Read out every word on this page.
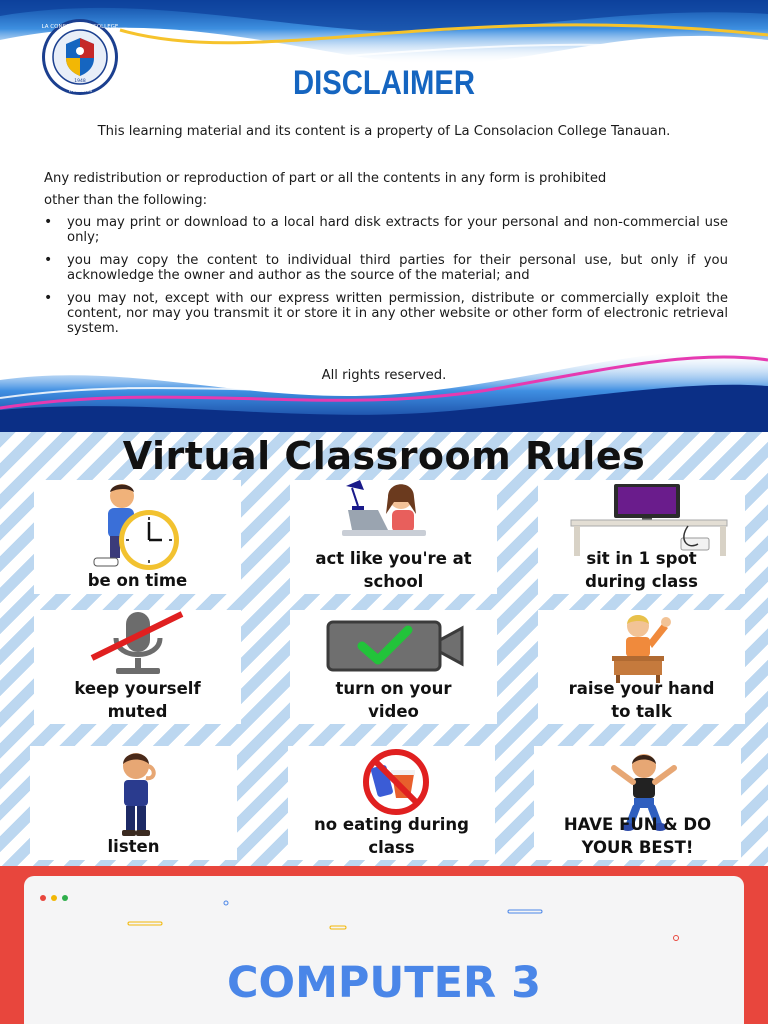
LA CONSOLACION COLLEGE
TANAUAN
1948	DISCLAIMER
This learning material and its content is a property of La Consolacion College Tanauan.
Any redistribution or reproduction of part or all the contents in any form is prohibited
other than the following:
• you may print or download to a local hard disk extracts for your personal and non-commercial use only;
• you may copy the content to individual third parties for their personal use, but only if you acknowledge the owner and author as the source of the material; and
• you may not, except with our express written permission, distribute or commercially exploit the content, nor may you transmit it or store it in any other website or other form of electronic retrieval system.
All rights reserved.
Virtual Classroom Rules
be on time
act like you're at
school
sit in 1 spot
during class
keep yourself
muted
turn on your
video
raise your hand
to talk
listen
no eating during
class
HAVE FUN & DO
YOUR BEST!
COMPUTER 3
